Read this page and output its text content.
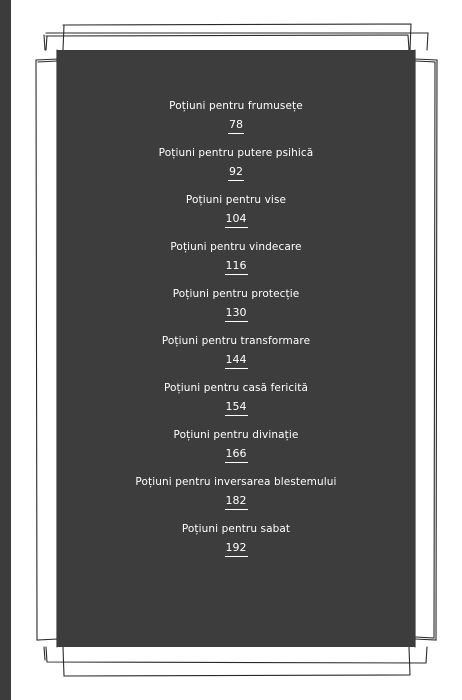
Poțiuni pentru frumusețe
78
Poțiuni pentru putere psihică
92
Poțiuni pentru vise
104
Poțiuni pentru vindecare
116
Poțiuni pentru protecție
130
Poțiuni pentru transformare
144
Poțiuni pentru casă fericită
154
Poțiuni pentru divinație
166
Poțiuni pentru inversarea blestemului
182
Poțiuni pentru sabat
192
